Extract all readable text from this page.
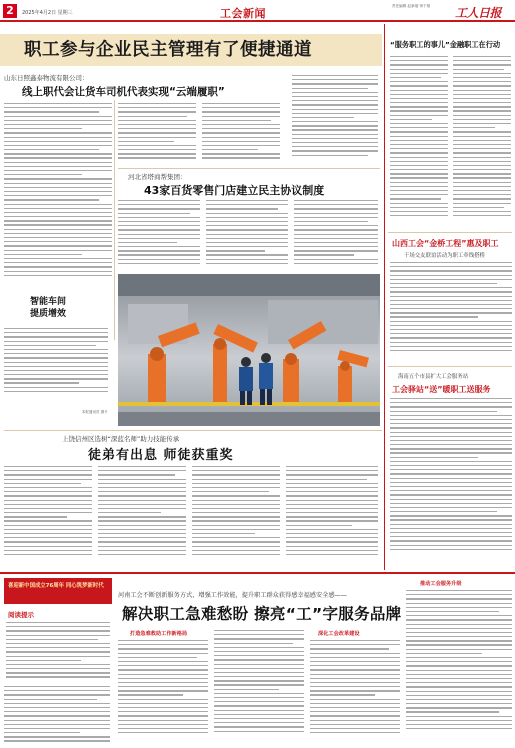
2	2025年4月2日 星期三	工会新闻
责任编辑 赵新瑞 窦于翔	工人日报
职工参与企业民主管理有了便捷通道
山东日照鑫泰物流有限公司：
线上职代会让货车司机代表实现“云端履职”
河北省塔商帮集团：
43家百货零售门店建立民主协议制度
智能车间
提质增效
本报通讯员 图片
上饶信州区选树“深蓝名师”助力技能传承
徒弟有出息 师徒获重奖
“服务职工的事儿”金融职工在行动
山西工会“金桥工程”惠及职工
干场交友联谊活动为职工牵线搭桥
海南五个市县扩大工会服务站
工会驿站“送”暖职工送服务
喜迎新中国成立76周年 同心筑梦新时代
阅读提示
河南工会不断创新服务方式，增强工作效能，提升职工群众获得感幸福感安全感——
解决职工急难愁盼 擦亮“工”字服务品牌
打造急难救助工作新格局	深化工会改革建设
推动工会服务升级
